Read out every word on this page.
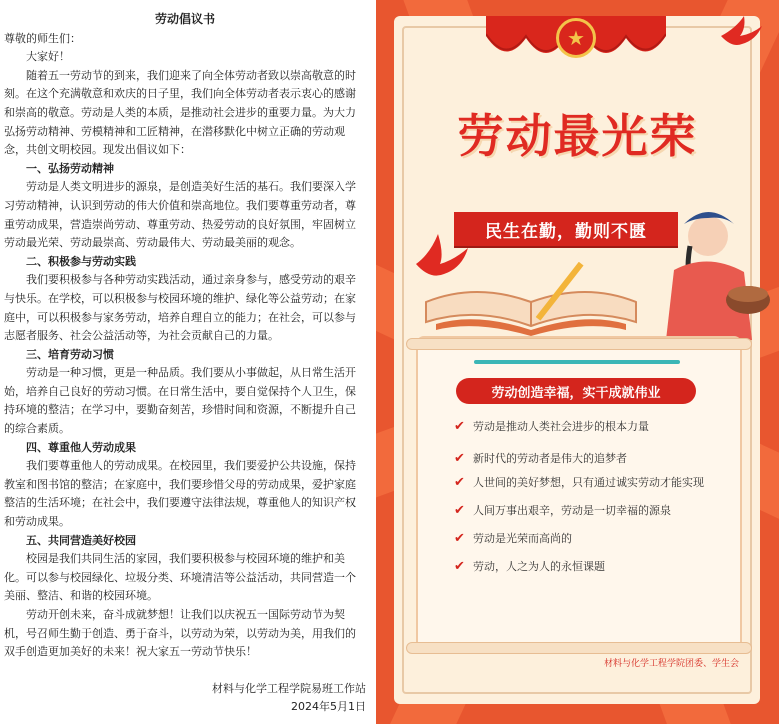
劳动倡议书
尊敬的师生们：
大家好！
随着五一劳动节的到来，我们迎来了向全体劳动者致以崇高敬意的时刻。在这个充满敬意和欢庆的日子里，我们向全体劳动者表示衷心的感谢和崇高的敬意。劳动是人类的本质，是推动社会进步的重要力量。为大力弘扬劳动精神、劳模精神和工匠精神，在潜移默化中树立正确的劳动观念，共创文明校园。现发出倡议如下：
一、弘扬劳动精神
劳动是人类文明进步的源泉，是创造美好生活的基石。我们要深入学习劳动精神，认识到劳动的伟大价值和崇高地位。我们要尊重劳动者，尊重劳动成果，营造崇尚劳动、尊重劳动、热爱劳动的良好氛围，牢固树立劳动最光荣、劳动最崇高、劳动最伟大、劳动最美丽的观念。
二、积极参与劳动实践
我们要积极参与各种劳动实践活动，通过亲身参与，感受劳动的艰辛与快乐。在学校，可以积极参与校园环境的维护、绿化等公益劳动；在家庭中，可以积极参与家务劳动，培养自理自立的能力；在社会，可以参与志愿者服务、社会公益活动等，为社会贡献自己的力量。
三、培育劳动习惯
劳动是一种习惯，更是一种品质。我们要从小事做起，从日常生活开始，培养自己良好的劳动习惯。在日常生活中，要自觉保持个人卫生，保持环境的整洁；在学习中，要勤奋刻苦，珍惜时间和资源，不断提升自己的综合素质。
四、尊重他人劳动成果
我们要尊重他人的劳动成果。在校园里，我们要爱护公共设施，保持教室和图书馆的整洁；在家庭中，我们要珍惜父母的劳动成果，爱护家庭整洁的生活环境；在社会中，我们要遵守法律法规，尊重他人的知识产权和劳动成果。
五、共同营造美好校园
校园是我们共同生活的家园，我们要积极参与校园环境的维护和美化。可以参与校园绿化、垃圾分类、环境清洁等公益活动，共同营造一个美丽、整洁、和谐的校园环境。
劳动开创未来，奋斗成就梦想！让我们以庆祝五一国际劳动节为契机，号召师生勤于创造、勇于奋斗，以劳动为荣，以劳动为美，用我们的双手创造更加美好的未来！祝大家五一劳动节快乐！
材料与化学工程学院易班工作站
2024年5月1日
★
劳动最光荣
民生在勤，勤则不匮
劳动创造幸福，实干成就伟业
✔ 劳动是推动人类社会进步的根本力量
✔ 新时代的劳动者是伟大的追梦者
✔ 人世间的美好梦想，只有通过诚实劳动才能实现
✔ 人间万事出艰辛，劳动是一切幸福的源泉
✔ 劳动是光荣而高尚的
✔ 劳动，人之为人的永恒课题
材料与化学工程学院团委、学生会
